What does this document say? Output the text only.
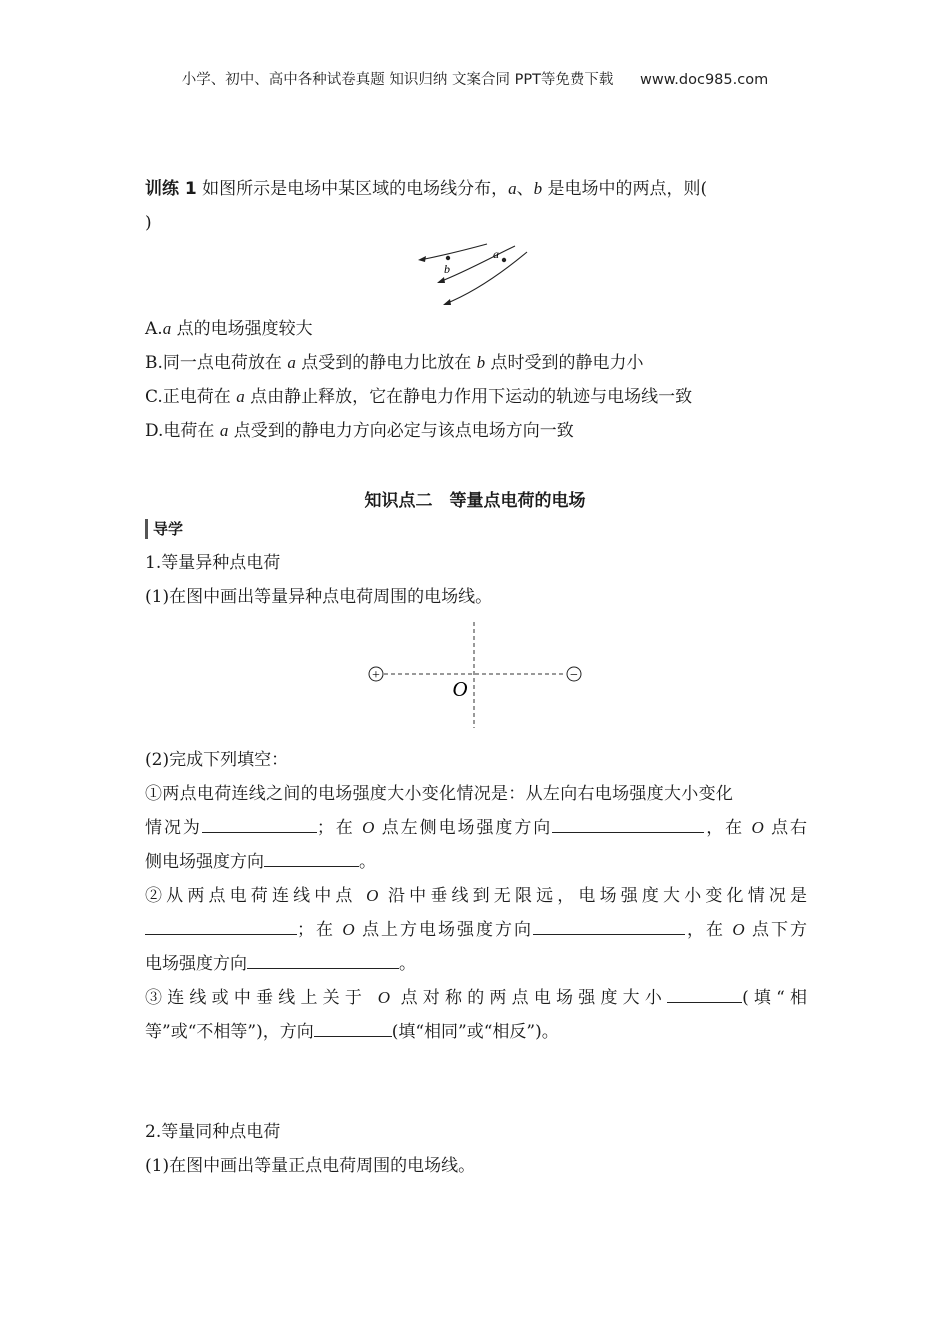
小学、初中、高中各种试卷真题 知识归纳 文案合同 PPT等免费下载 www.doc985.com
训练 1 如图所示是电场中某区域的电场线分布，a、b 是电场中的两点，则(
)
b
a
A.a 点的电场强度较大
B.同一点电荷放在 a 点受到的静电力比放在 b 点时受到的静电力小
C.正电荷在 a 点由静止释放，它在静电力作用下运动的轨迹与电场线一致
D.电荷在 a 点受到的静电力方向必定与该点电场方向一致
知识点二　等量点电荷的电场
导学
1.等量异种点电荷
(1)在图中画出等量异种点电荷周围的电场线。
+	−
O
(2)完成下列填空：
①两点电荷连线之间的电场强度大小变化情况是：从左向右电场强度大小变化
情况为	；在 O 点左侧电场强度方向	，在 O 点右
侧电场强度方向	。
②从两点电荷连线中点 O 沿中垂线到无限远，电场强度大小变化情况是
；在 O 点上方电场强度方向	，在 O 点下方
电场强度方向	。
③连线或中垂线上关于 O 点对称的两点电场强度大小	(填“相
等”或“不相等”)，方向	(填“相同”或“相反”)。
2.等量同种点电荷
(1)在图中画出等量正点电荷周围的电场线。
